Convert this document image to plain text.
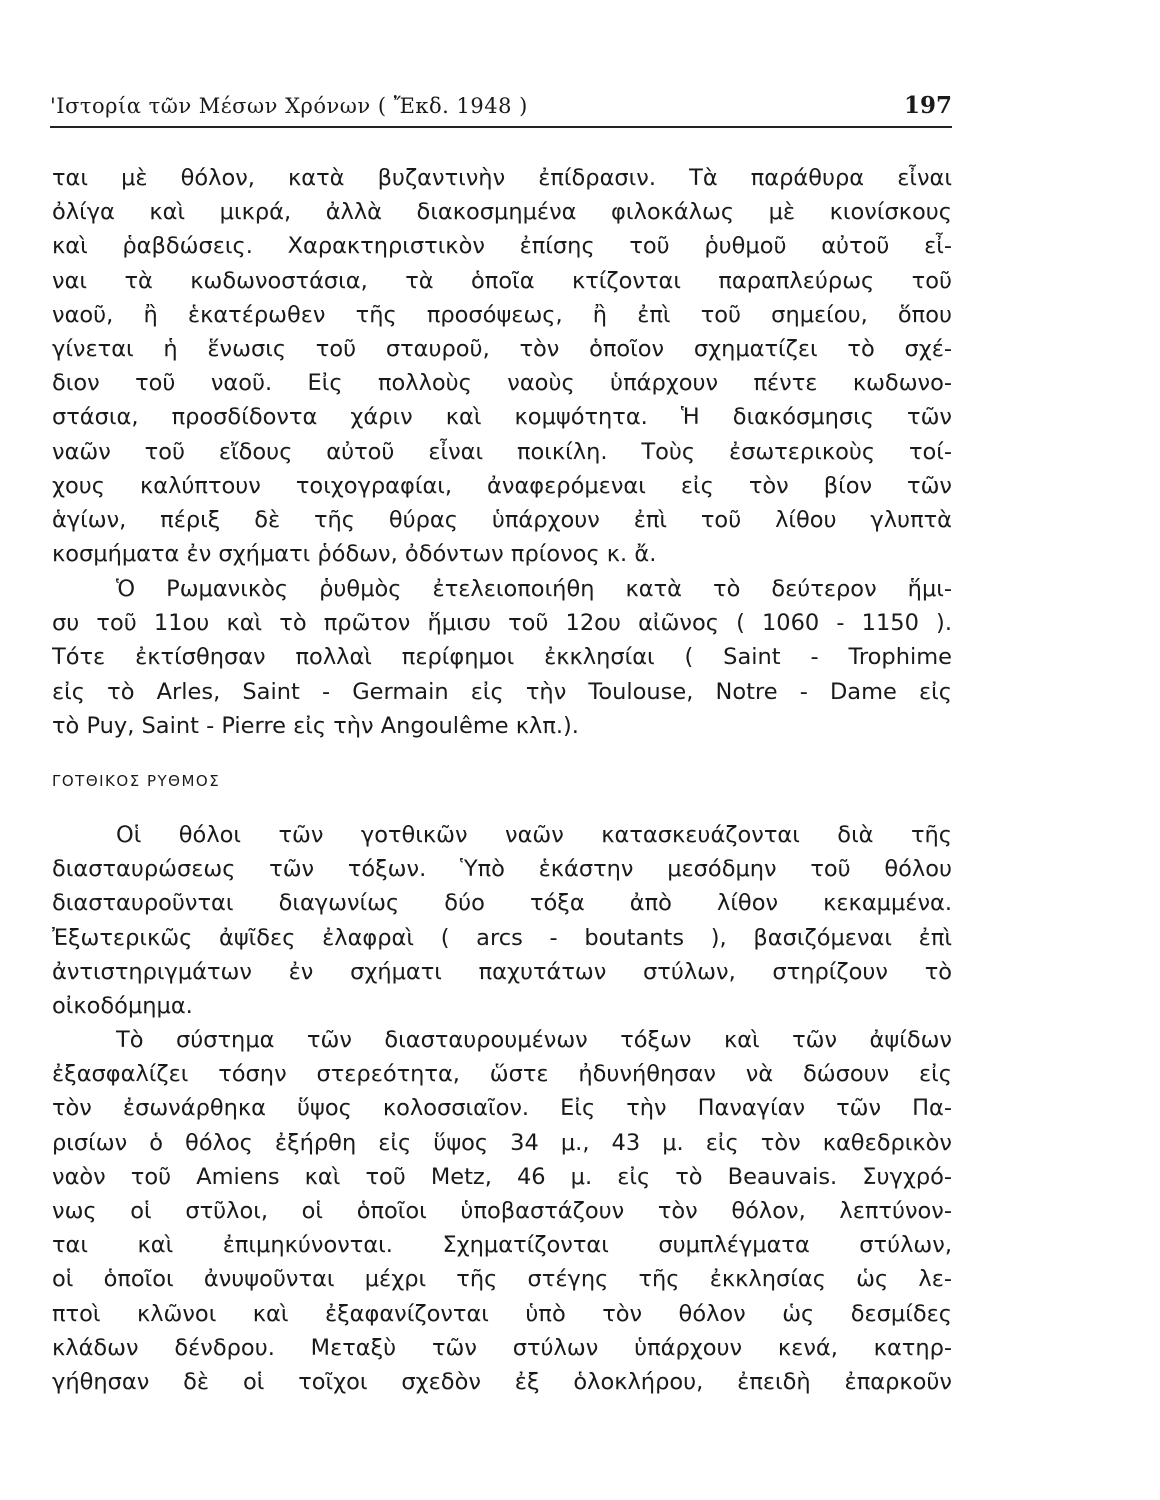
'Ιστορία τῶν Μέσων Χρόνων ( Ἔκδ. 1948 )	197
ται μὲ θόλον, κατὰ βυζαντινὴν ἐπίδρασιν. Τὰ παράθυρα εἶναι
ὀλίγα καὶ μικρά, ἀλλὰ διακοσμημένα φιλοκάλως μὲ κιονίσκους
καὶ ῥαβδώσεις. Χαρακτηριστικὸν ἐπίσης τοῦ ῥυθμοῦ αὐτοῦ εἶ-
ναι τὰ κωδωνοστάσια, τὰ ὁποῖα κτίζονται παραπλεύρως τοῦ
ναοῦ, ἢ ἑκατέρωθεν τῆς προσόψεως, ἢ ἐπὶ τοῦ σημείου, ὅπου
γίνεται ἡ ἕνωσις τοῦ σταυροῦ, τὸν ὁποῖον σχηματίζει τὸ σχέ-
διον τοῦ ναοῦ. Εἰς πολλοὺς ναοὺς ὑπάρχουν πέντε κωδωνο-
στάσια, προσδίδοντα χάριν καὶ κομψότητα. Ἡ διακόσμησις τῶν
ναῶν τοῦ εἴδους αὐτοῦ εἶναι ποικίλη. Τοὺς ἐσωτερικοὺς τοί-
χους καλύπτουν τοιχογραφίαι, ἀναφερόμεναι εἰς τὸν βίον τῶν
ἁγίων, πέριξ δὲ τῆς θύρας ὑπάρχουν ἐπὶ τοῦ λίθου γλυπτὰ
κοσμήματα ἐν σχήματι ῥόδων, ὀδόντων πρίονος κ. ἄ.
Ὁ Ρωμανικὸς ῥυθμὸς ἐτελειοποιήθη κατὰ τὸ δεύτερον ἥμι-
συ τοῦ 11ου καὶ τὸ πρῶτον ἥμισυ τοῦ 12ου αἰῶνος ( 1060 - 1150 ).
Τότε ἐκτίσθησαν πολλαὶ περίφημοι ἐκκλησίαι ( Saint - Trophime
εἰς τὸ Arles, Saint - Germain εἰς τὴν Toulouse, Notre - Dame εἰς
τὸ Puy, Saint - Pierre εἰς τὴν Angoulême κλπ.).
ΓΟΤΘΙΚΟΣ ΡΥΘΜΟΣ
Οἱ θόλοι τῶν γοτθικῶν ναῶν κατασκευάζονται διὰ τῆς
διασταυρώσεως τῶν τόξων. Ὑπὸ ἑκάστην μεσόδμην τοῦ θόλου
διασταυροῦνται διαγωνίως δύο τόξα ἀπὸ λίθον κεκαμμένα.
Ἐξωτερικῶς ἀψῖδες ἐλαφραὶ ( arcs - boutants ), βασιζόμεναι ἐπὶ
ἀντιστηριγμάτων ἐν σχήματι παχυτάτων στύλων, στηρίζουν τὸ
οἰκοδόμημα.
Τὸ σύστημα τῶν διασταυρουμένων τόξων καὶ τῶν ἀψίδων
ἐξασφαλίζει τόσην στερεότητα, ὥστε ἠδυνήθησαν νὰ δώσουν εἰς
τὸν ἐσωνάρθηκα ὕψος κολοσσιαῖον. Εἰς τὴν Παναγίαν τῶν Πα-
ρισίων ὁ θόλος ἐξήρθη εἰς ὕψος 34 μ., 43 μ. εἰς τὸν καθεδρικὸν
ναὸν τοῦ Amiens καὶ τοῦ Metz, 46 μ. εἰς τὸ Beauvais. Συγχρό-
νως οἱ στῦλοι, οἱ ὁποῖοι ὑποβαστάζουν τὸν θόλον, λεπτύνον-
ται καὶ ἐπιμηκύνονται. Σχηματίζονται συμπλέγματα στύλων,
οἱ ὁποῖοι ἀνυψοῦνται μέχρι τῆς στέγης τῆς ἐκκλησίας ὡς λε-
πτοὶ κλῶνοι καὶ ἐξαφανίζονται ὑπὸ τὸν θόλον ὡς δεσμίδες
κλάδων δένδρου. Μεταξὺ τῶν στύλων ὑπάρχουν κενά, κατηρ-
γήθησαν δὲ οἱ τοῖχοι σχεδὸν ἐξ ὁλοκλήρου, ἐπειδὴ ἐπαρκοῦν
